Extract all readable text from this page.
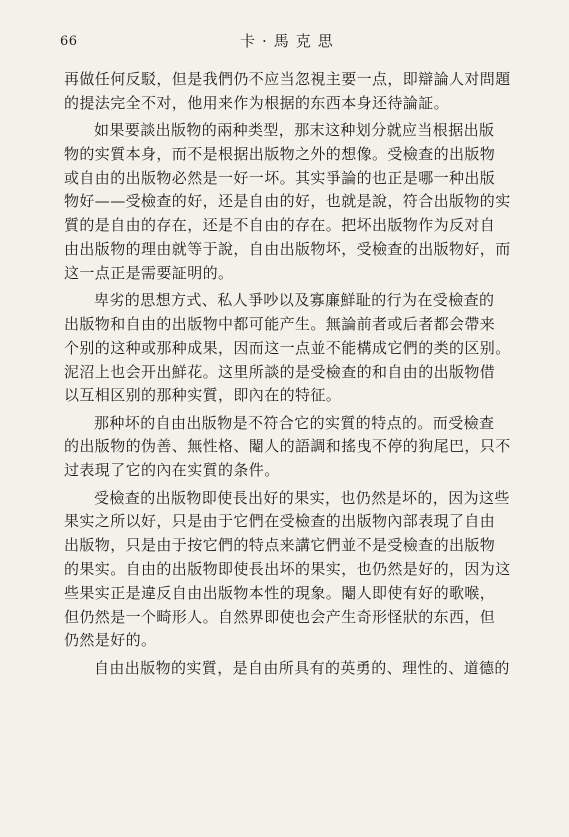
66	卡·馬克思
再做任何反駁，但是我們仍不应当忽視主要一点，即辯論人对問題
的提法完全不对，他用来作为根据的东西本身还待論証。
如果要談出版物的兩种类型，那末这种划分就应当根据出版
物的实質本身，而不是根据出版物之外的想像。受檢查的出版物
或自由的出版物必然是一好一坏。其实爭論的也正是哪一种出版
物好——受檢查的好，还是自由的好，也就是說，符合出版物的实
質的是自由的存在，还是不自由的存在。把坏出版物作为反对自
由出版物的理由就等于說，自由出版物坏，受檢查的出版物好，而
这一点正是需要証明的。
卑劣的思想方式、私人爭吵以及寡廉鮮耻的行为在受檢查的
出版物和自由的出版物中都可能产生。無論前者或后者都会帶来
个别的这种或那种成果，因而这一点並不能構成它們的类的区别。
泥沼上也会开出鮮花。这里所談的是受檢查的和自由的出版物借
以互相区别的那种实質，即內在的特征。
那种坏的自由出版物是不符合它的实質的特点的。而受檢查
的出版物的伪善、無性格、閹人的語調和搖曳不停的狗尾巴，只不
过表現了它的內在实質的条件。
受檢查的出版物即使長出好的果实，也仍然是坏的，因为这些
果实之所以好，只是由于它們在受檢查的出版物內部表現了自由
出版物，只是由于按它們的特点来講它們並不是受檢查的出版物
的果实。自由的出版物即使長出坏的果实，也仍然是好的，因为这
些果实正是違反自由出版物本性的現象。閹人即使有好的歌喉，
但仍然是一个畸形人。自然界即使也会产生奇形怪狀的东西，但
仍然是好的。
自由出版物的实質，是自由所具有的英勇的、理性的、道德的
